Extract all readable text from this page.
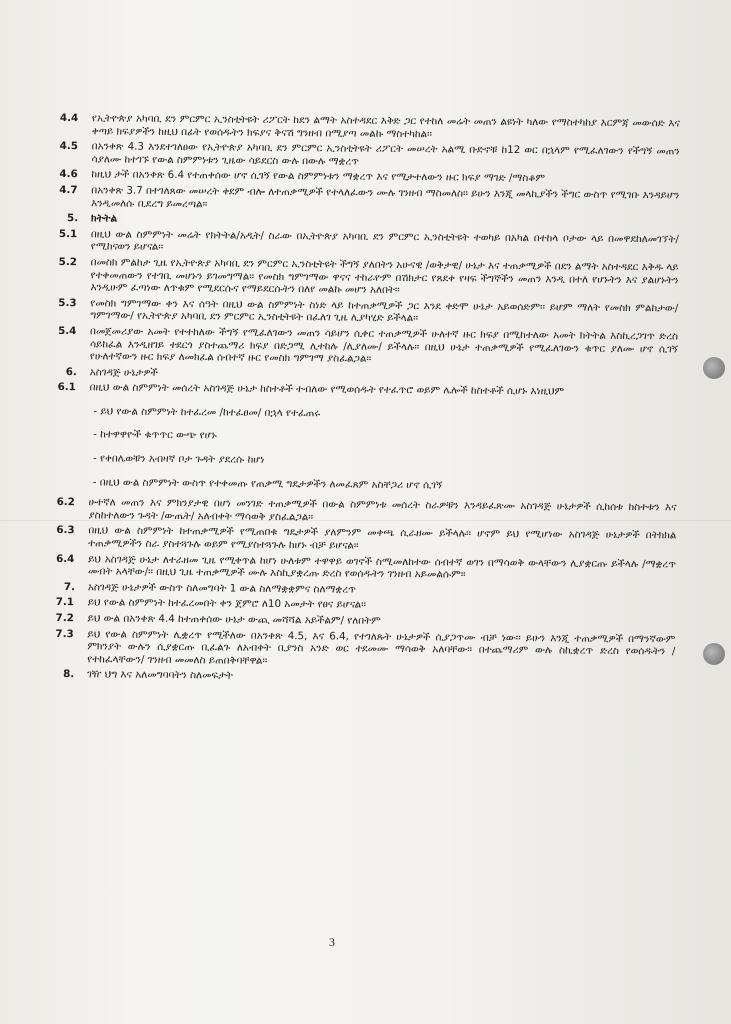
4.4	የኢትዮጵያ አካባቢ ደን ምርምር ኢንስቲትዩት ሪፖርት ከደን ልማት አስተዳደር እቅድ ጋር የተከለ መሬት መጠን ልዩነት ካለው የማስተካከያ እርምጃ መውሰድ እና ቀጣይ ክፍያዎችን ከዚህ በፊት የወሰዱትን ክፍያና ቅናሽ ግንዘብ በሚያጣ መልኩ ማስተካከል፡፡
4.5	በአንቀጽ 4.3 እንደተገለፀው የኢትዮጵያ አካባቢ ደን ምርምር ኢንስቲትዩት ሪፖርት መሠረት አልሚ ቡድኖቹ ከ12 ወር በኋላም የሚፈለገውን የችግኝ መጠን ሳያለሙ ከተገኙ የውል ስምምነቱን ጊዜው ሳይደርስ ውሉ በውሉ ማቋረጥ
4.6	ከዚህ ታች በአንቀጽ 6.4 የተጠቀሰው ሆኖ ሲገኝ የውል ስምምነቱን ማቋረጥ እና የሚታተለውን ዙር ክፍያ ማገድ /ማስቆም
4.7	በአንቀጽ 3.7 በተገለጸው መሠረት ቀደም ብሎ ለተጠቃሚዎች የተላለፈውን ሙሉ ገንዘብ ማስመለስ፡፡ ይሁን እንጂ መላኪያችን ችግር ውስጥ የሚገቡ እንዳይሆን እንዲመለሱ ቢደረግ ይመረጣል፡፡
5.	ክትትል
5.1	በዚህ ውል ስምምነት መሬት የክትትል/አዲት/ ስራው በኢትዮጵያ አካባቢ ደን ምርምር ኢንስቲትዩት ተወካይ በአካል በተከላ ቦታው ላይ በመዋደከለመገኘት/ የሚከናወን ይሆናል፡፡
5.2	በመስክ ምልከታ ጊዜ የኢትዮጵያ አካባቢ ደን ምርምር ኢንስቲትዩት ችግኝ ያለበትን አሁናዊ /ወቅታዊ/ ሁኔታ እና ተጠቃሚዎች በደን ልማት አስተዳደር እቅዱ ላይ የተቀመጠውን የተገቢ መሆኑን ይገመግማል፡፡ የመስክ ግምገማው ዋናና ተከራዮም በሽክታር የጸደቀ የዛፍ ችግኞችን መጠን እንዲ በተለ የሆኑትን እና ያልሆኑትን እንዲሁም ፈጣነው ለጥቁም የሚደርሱና የማይደርሱትን በለየ መልኩ መሆን አለበት፡፡
5.3	የመስክ ግምገማው ቀን እና ሰዓት በዚህ ውል ስምምነት ስነድ ላይ ከተጠቃሚዎች ጋር እንደ ቀድሞ ሁኔታ አይወሰድም፡፡ ይሆም ማለት የመስክ ምልከታው/ግምገማው/ የኢትዮጵያ አካባቢ ደን ምርምር ኢንስቲትዩት በፈለገ ጊዜ ሊያካሂድ ይችላል፡፡
5.4	በመጀመሪያው አመት የተተከለው ችግኝ የሚፈለገውን መጠን ሳይሆን ሲቀር ተጠቃሚዎች ሁለተኛ ዙር ክፍያ በሚከተለው አመት ክትትል እስኪረጋገጥ ድረስ ሳይከፈል እንዲዘገይ ተደርጎ ያስተጨማሪ ክፍያ በድጋሚ ሊተከሉ /ሊያለሙ/ ይችላሉ፡፡ በዚህ ሁኔታ ተጠቃሚዎች የሚፈለገውን ቁጥር ያለሙ ሆኖ ሲገኝ የሁለተኛውን ዙር ክፍያ ለመክፈል ሰብተኛ ዙር የመስክ ግምገማ ያስፈልጋል፡፡
6.	አስገዳጅ ሁኔታዎች
6.1	በዚህ ውል ስምምነት መሰረት አስገዳጅ ሁኔታ ከስተቶች ተብለው የሚወሰዱት የተፈጥሮ ወይም ሌሎች ከስተቶች ሲሆኑ እነዚህም
- ይህ የውል ስምምነት ከተፈረመ /ከተፈፀመ/ በኋላ የተፈጠሩ
- ከተዋዋዮች ቁጥጥር ውጭ የሆኑ
- የቀበሌወቹን አብዛኛ ቦታ ጉዳት ያደረሱ ከሆነ
- በዚህ ውል ስምምነት ውስጥ የተቀመጡ የጠቃሚ ግዴታዎችን ለመፈጸም አስቸጋሪ ሆኖ ሲገኝ
6.2	ሁተኛለ መጠን እና ምክንያታዊ በሆነ መንገድ ተጠቃሚዎች በውል ስምምነቱ መሰረት ስራዎቹን እንዳይፈጽሙ አስገዳጅ ሁኔታዎች ሲከሰቱ ከስተቱን እና ያስከተለውን ጉዳት /ውጤት/ አለብቀት ማሳወቅ ያስፈልጋል፡፡
6.3	በዚህ ውል ስምምነት ከተጠቃሚዎች የሚጠበቁ ግዴታዎች ያለምንም መቀጫ ሲራዘሙ ይችላሉ፡፡ ሆኖም ይህ የሚሆነው አስገዳጅ ሁኔታዎች በትክክል ተጠቃሚዎችን ስራ ያስተጓጉሉ ወይም የሚያስተጓጉሉ ከሆኑ ብቻ ይሆናል፡፡
6.4	ይህ አስገዳጅ ሁኔታ ለተራዘመ ጊዜ የሚቀጥል ከሆነ ሁለቱም ተዋዋይ ወገኖች ስሚመለከተው ሰብተኛ ወገን በማሳወቅ ውላቸውን ሊያቋርጡ ይችላሉ /ማቋረጥ መብት አላቸው/፡፡ በዚህ ጊዜ ተጠቃሚዎች ሙሉ እስኪያቋረጡ ድረስ የወሰዱትን ገንዘብ አይመልሱም፡፡
7.	አስገዳጅ ሁኔታዎች ውስጥ ስለመግባት 1 ውል ስለማቋቋምና ስለማቋረጥ
7.1	ይህ የውል ስምምነት ከተፈረመበት ቀን ጀምሮ ለ10 አመታት የፀና ይሆናል፡፡
7.2	ይህ ውል በአንቀጽ 4.4 ከተጠቀሰው ሁኔታ ውጪ መሻሻል አይችልም/ የለበትም
7.3	ይህ የውል ስምምነት ሊቋረጥ የሚችለው በአንቀጽ 4.5, እና 6.4, የተገለጹት ሁኔታዎች ሲያጋጥሙ ብቻ ነው፡፡ ይሁን እንጂ ተጠቃሚዎች በማንኛውም ምክንያት ውሉን ሲያቋርጡ ቢፈልጉ ለአብቀት ቢያንስ አንድ ወር ተደመሙ ማሳወቅ አለባቸው፡፡ በተጨማሪም ውሉ ስኪቋረጥ ድረስ የወሰዱትን /የተከፈላቸውን/ ገንዘብ መመለስ ይጠበቅባቸዋል፡፡
8.	ገዥ ህግ እና አለመግባባትን ስለመፍታት
3
